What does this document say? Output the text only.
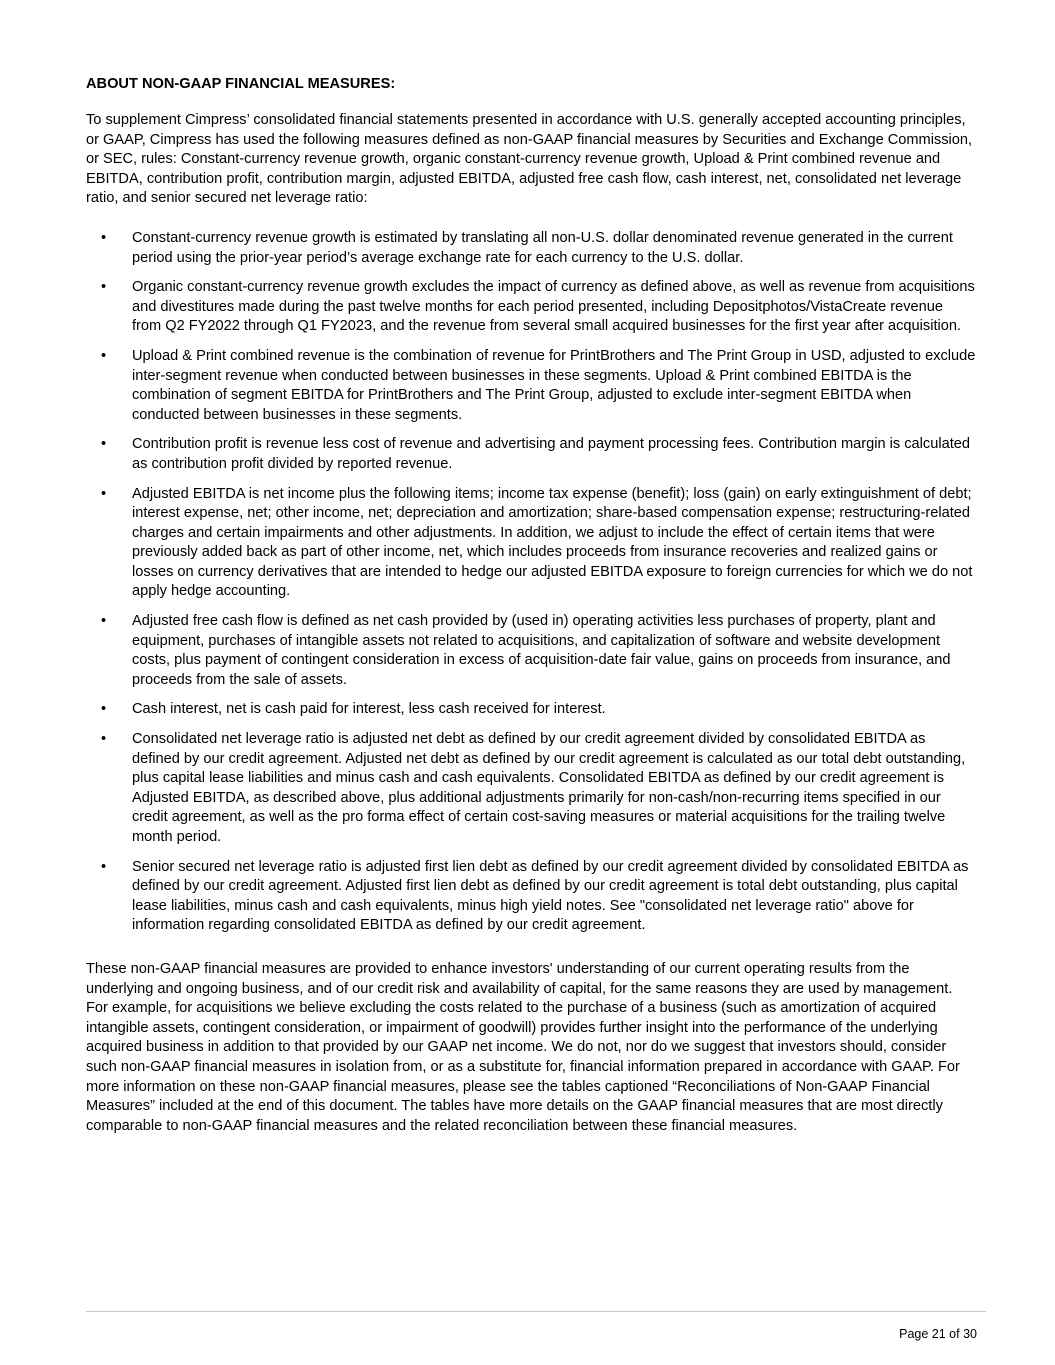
ABOUT NON-GAAP FINANCIAL MEASURES:

To supplement Cimpress’ consolidated financial statements presented in accordance with U.S. generally accepted accounting principles, or GAAP, Cimpress has used the following measures defined as non-GAAP financial measures by Securities and Exchange Commission, or SEC, rules: Constant-currency revenue growth, organic constant-currency revenue growth, Upload & Print combined revenue and EBITDA, contribution profit, contribution margin, adjusted EBITDA, adjusted free cash flow, cash interest, net, consolidated net leverage ratio, and senior secured net leverage ratio:

• Constant-currency revenue growth is estimated by translating all non-U.S. dollar denominated revenue generated in the current period using the prior-year period’s average exchange rate for each currency to the U.S. dollar.
• Organic constant-currency revenue growth excludes the impact of currency as defined above, as well as revenue from acquisitions and divestitures made during the past twelve months for each period presented, including Depositphotos/VistaCreate revenue from Q2 FY2022 through Q1 FY2023, and the revenue from several small acquired businesses for the first year after acquisition.
• Upload & Print combined revenue is the combination of revenue for PrintBrothers and The Print Group in USD, adjusted to exclude inter-segment revenue when conducted between businesses in these segments. Upload & Print combined EBITDA is the combination of segment EBITDA for PrintBrothers and The Print Group, adjusted to exclude inter-segment EBITDA when conducted between businesses in these segments.
• Contribution profit is revenue less cost of revenue and advertising and payment processing fees. Contribution margin is calculated as contribution profit divided by reported revenue.
• Adjusted EBITDA is net income plus the following items; income tax expense (benefit); loss (gain) on early extinguishment of debt; interest expense, net; other income, net; depreciation and amortization; share-based compensation expense; restructuring-related charges and certain impairments and other adjustments. In addition, we adjust to include the effect of certain items that were previously added back as part of other income, net, which includes proceeds from insurance recoveries and realized gains or losses on currency derivatives that are intended to hedge our adjusted EBITDA exposure to foreign currencies for which we do not apply hedge accounting.
• Adjusted free cash flow is defined as net cash provided by (used in) operating activities less purchases of property, plant and equipment, purchases of intangible assets not related to acquisitions, and capitalization of software and website development costs, plus payment of contingent consideration in excess of acquisition-date fair value, gains on proceeds from insurance, and proceeds from the sale of assets.
• Cash interest, net is cash paid for interest, less cash received for interest.
• Consolidated net leverage ratio is adjusted net debt as defined by our credit agreement divided by consolidated EBITDA as defined by our credit agreement. Adjusted net debt as defined by our credit agreement is calculated as our total debt outstanding, plus capital lease liabilities and minus cash and cash equivalents. Consolidated EBITDA as defined by our credit agreement is Adjusted EBITDA, as described above, plus additional adjustments primarily for non-cash/non-recurring items specified in our credit agreement, as well as the pro forma effect of certain cost-saving measures or material acquisitions for the trailing twelve month period.
• Senior secured net leverage ratio is adjusted first lien debt as defined by our credit agreement divided by consolidated EBITDA as defined by our credit agreement. Adjusted first lien debt as defined by our credit agreement is total debt outstanding, plus capital lease liabilities, minus cash and cash equivalents, minus high yield notes. See "consolidated net leverage ratio" above for information regarding consolidated EBITDA as defined by our credit agreement.

These non-GAAP financial measures are provided to enhance investors' understanding of our current operating results from the underlying and ongoing business, and of our credit risk and availability of capital, for the same reasons they are used by management. For example, for acquisitions we believe excluding the costs related to the purchase of a business (such as amortization of acquired intangible assets, contingent consideration, or impairment of goodwill) provides further insight into the performance of the underlying acquired business in addition to that provided by our GAAP net income. We do not, nor do we suggest that investors should, consider such non-GAAP financial measures in isolation from, or as a substitute for, financial information prepared in accordance with GAAP. For more information on these non-GAAP financial measures, please see the tables captioned “Reconciliations of Non-GAAP Financial Measures” included at the end of this document. The tables have more details on the GAAP financial measures that are most directly comparable to non-GAAP financial measures and the related reconciliation between these financial measures.

Page 21 of 30
